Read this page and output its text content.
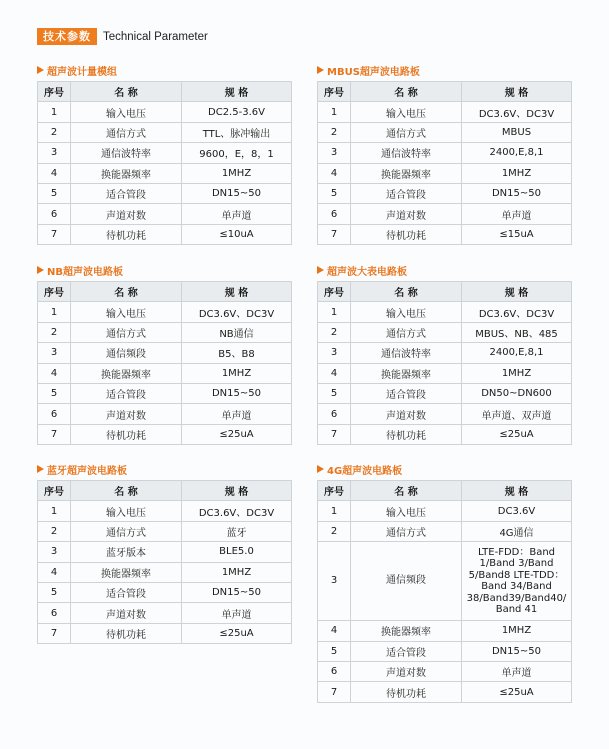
技术参数	Technical Parameter
超声波计量模组
序号	名 称	规 格
1	输入电压	DC2.5-3.6V
2	通信方式	TTL、脉冲输出
3	通信波特率	9600，E，8，1
4	换能器频率	1MHZ
5	适合管段	DN15~50
6	声道对数	单声道
7	待机功耗	≤10uA
MBUS超声波电路板
序号	名 称	规 格
1	输入电压	DC3.6V、DC3V
2	通信方式	MBUS
3	通信波特率	2400,E,8,1
4	换能器频率	1MHZ
5	适合管段	DN15~50
6	声道对数	单声道
7	待机功耗	≤15uA
NB超声波电路板
序号	名 称	规 格
1	输入电压	DC3.6V、DC3V
2	通信方式	NB通信
3	通信频段	B5、B8
4	换能器频率	1MHZ
5	适合管段	DN15~50
6	声道对数	单声道
7	待机功耗	≤25uA
超声波大表电路板
序号	名 称	规 格
1	输入电压	DC3.6V、DC3V
2	通信方式	MBUS、NB、485
3	通信波特率	2400,E,8,1
4	换能器频率	1MHZ
5	适合管段	DN50~DN600
6	声道对数	单声道、双声道
7	待机功耗	≤25uA
蓝牙超声波电路板
序号	名 称	规 格
1	输入电压	DC3.6V、DC3V
2	通信方式	蓝牙
3	蓝牙版本	BLE5.0
4	换能器频率	1MHZ
5	适合管段	DN15~50
6	声道对数	单声道
7	待机功耗	≤25uA
4G超声波电路板
序号	名 称	规 格
1	输入电压	DC3.6V
2	通信方式	4G通信
3	通信频段	LTE-FDD：Band 1/Band 3/Band 5/Band8 LTE-TDD：Band 34/Band 38/Band39/Band40/ Band 41
4	换能器频率	1MHZ
5	适合管段	DN15~50
6	声道对数	单声道
7	待机功耗	≤25uA
